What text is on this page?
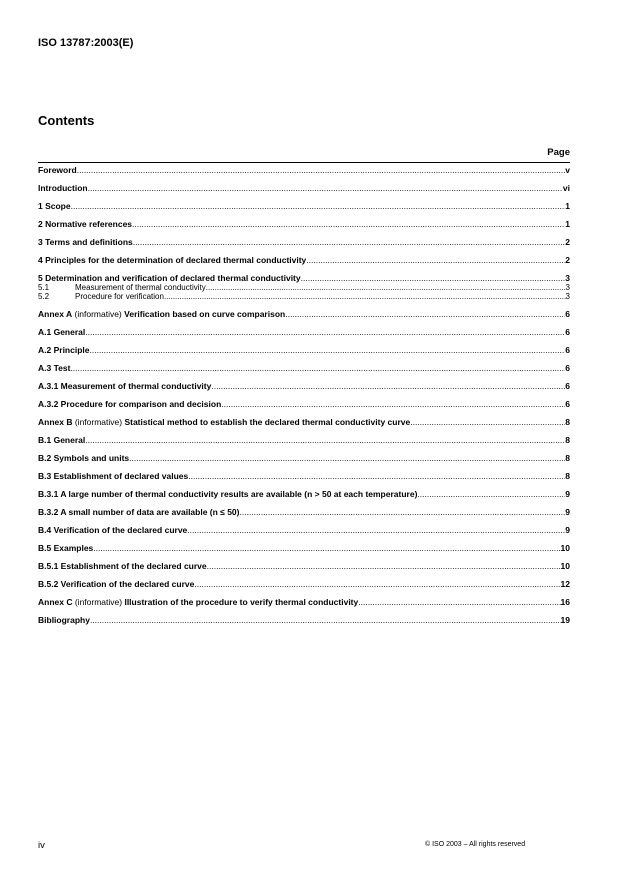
ISO 13787:2003(E)
Contents
Page
Foreword .....	v
Introduction .....	vi
1 Scope .....	1
2 Normative references .....	1
3 Terms and definitions .....	2
4 Principles for the determination of declared thermal conductivity .....	2
5 Determination and verification of declared thermal conductivity .....	3
5.1	Measurement of thermal conductivity .....	3
5.2	Procedure for verification .....	3
Annex A (informative) Verification based on curve comparison .....	6
A.1 General .....	6
A.2 Principle .....	6
A.3 Test .....	6
A.3.1 Measurement of thermal conductivity .....	6
A.3.2 Procedure for comparison and decision .....	6
Annex B (informative) Statistical method to establish the declared thermal conductivity curve .....	8
B.1 General .....	8
B.2 Symbols and units .....	8
B.3 Establishment of declared values .....	8
B.3.1 A large number of thermal conductivity results are available (n > 50 at each temperature) .....	9
B.3.2 A small number of data are available (n ≤ 50) .....	9
B.4 Verification of the declared curve .....	9
B.5 Examples .....	10
B.5.1 Establishment of the declared curve .....	10
B.5.2 Verification of the declared curve .....	12
Annex C (informative) Illustration of the procedure to verify thermal conductivity .....	16
Bibliography .....	19
iv	© ISO 2003 – All rights reserved
